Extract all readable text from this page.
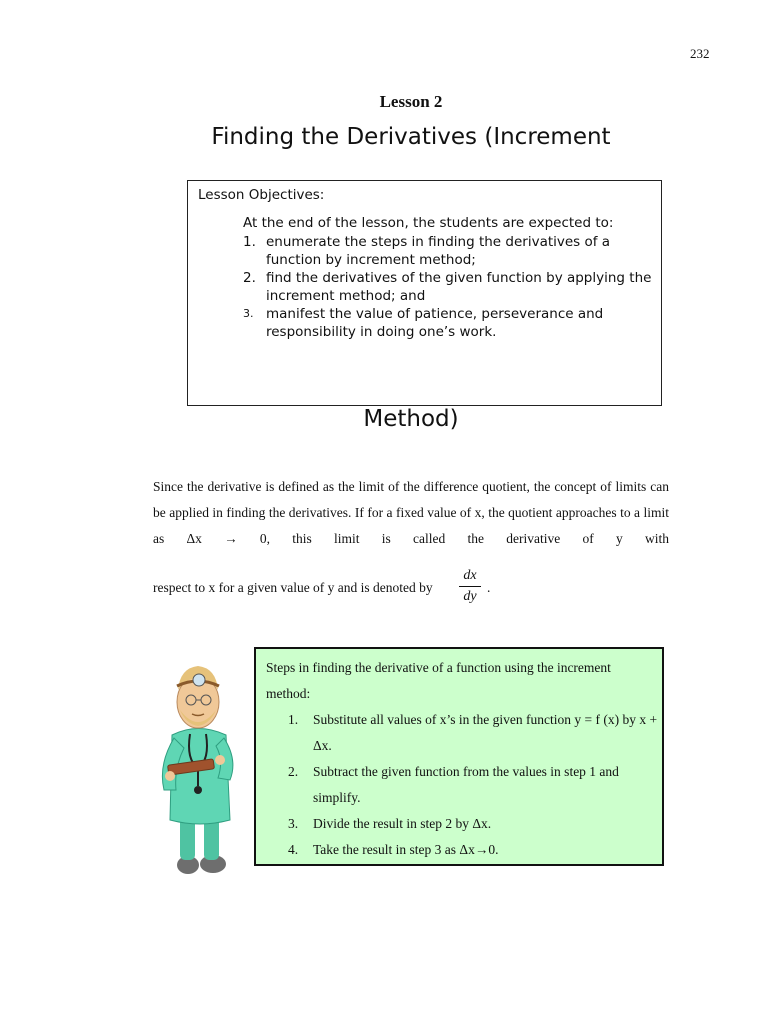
232
Lesson 2
Finding the Derivatives (Increment
Lesson Objectives:
At the end of the lesson, the students are expected to:
1. enumerate the steps in finding the derivatives of a function by increment method;
2. find the derivatives of the given function by applying the increment method; and
3. manifest the value of patience, perseverance and responsibility in doing one’s work.
Method)
Since the derivative is defined as the limit of the difference quotient, the concept of limits can be applied in finding the derivatives. If for a fixed value of x, the quotient approaches to a limit as Δx → 0, this limit is called the derivative of y with
respect to x for a given value of y and is denoted by
dx
dy
.
Steps in finding the derivative of a function using the increment method:
1. Substitute all values of x’s in the given function y = f (x) by x + Δx.
2. Subtract the given function from the values in step 1 and simplify.
3. Divide the result in step 2 by Δx.
4. Take the result in step 3 as Δx→0.
